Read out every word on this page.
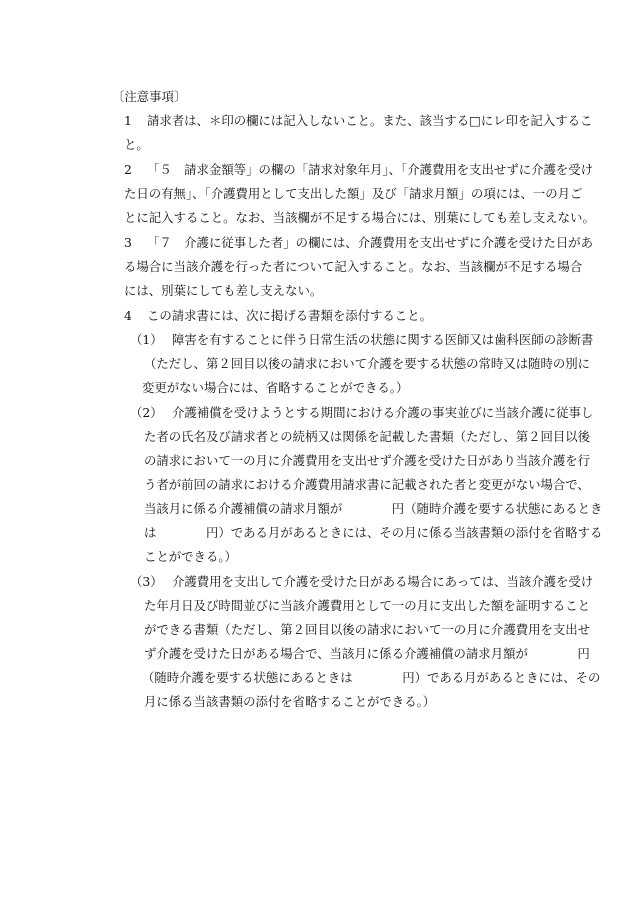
〔注意事項〕
1 請求者は、＊印の欄には記入しないこと。また、該当する□にレ印を記入するこ
と。
2 「５　請求金額等」の欄の「請求対象年月」、「介護費用を支出せずに介護を受け
た日の有無」、「介護費用として支出した額」及び「請求月額」の項には、一の月ご
とに記入すること。なお、当該欄が不足する場合には、別葉にしても差し支えない。
3 「７　介護に従事した者」の欄には、介護費用を支出せずに介護を受けた日があ
る場合に当該介護を行った者について記入すること。なお、当該欄が不足する場合
には、別葉にしても差し支えない。
4 この請求書には、次に掲げる書類を添付すること。
（1） 障害を有することに伴う日常生活の状態に関する医師又は歯科医師の診断書
（ただし、第２回目以後の請求において介護を要する状態の常時又は随時の別に
変更がない場合には、省略することができる。）
（2） 介護補償を受けようとする期間における介護の事実並びに当該介護に従事し
た者の氏名及び請求者との続柄又は関係を記載した書類（ただし、第２回目以後
の請求において一の月に介護費用を支出せず介護を受けた日があり当該介護を行
う者が前回の請求における介護費用請求書に記載された者と変更がない場合で、
当該月に係る介護補償の請求月額が　　　　円（随時介護を要する状態にあるとき
は　　　　円）である月があるときには、その月に係る当該書類の添付を省略する
ことができる。）
（3） 介護費用を支出して介護を受けた日がある場合にあっては、当該介護を受け
た年月日及び時間並びに当該介護費用として一の月に支出した額を証明すること
ができる書類（ただし、第２回目以後の請求において一の月に介護費用を支出せ
ず介護を受けた日がある場合で、当該月に係る介護補償の請求月額が　　　　円
（随時介護を要する状態にあるときは　　　　円）である月があるときには、その
月に係る当該書類の添付を省略することができる。）
